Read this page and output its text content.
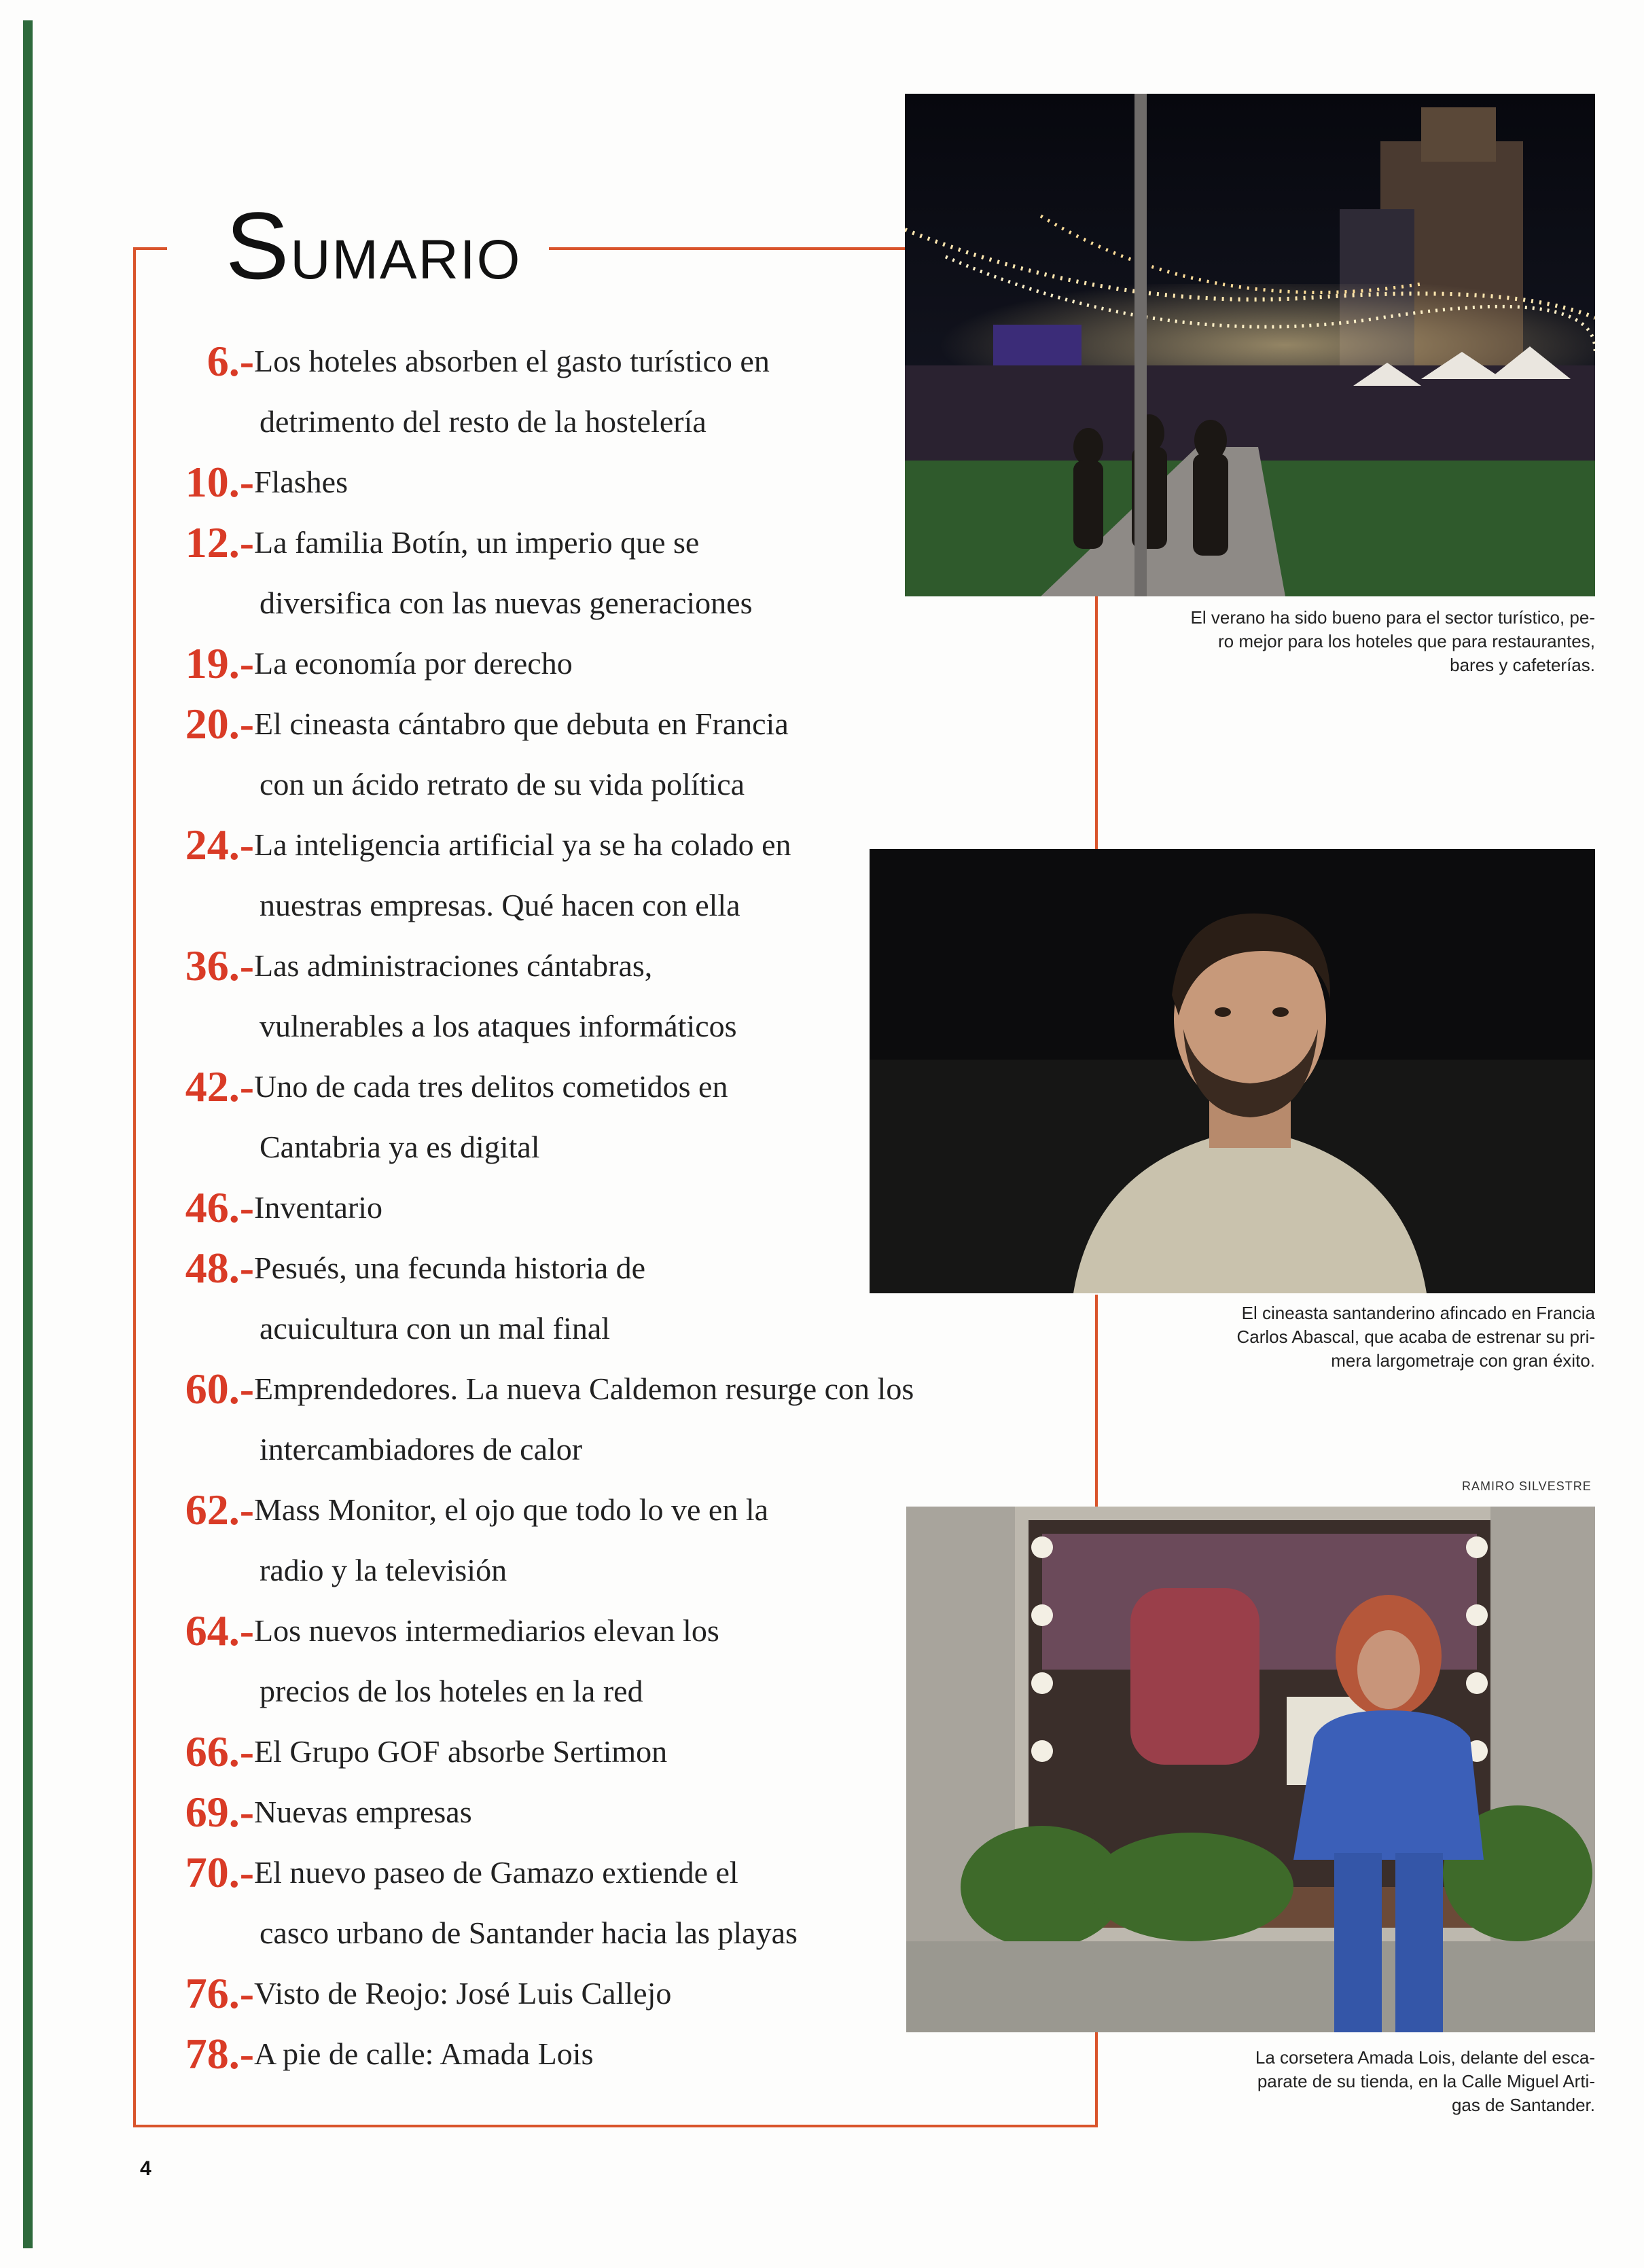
SUMARIO
6.- Los hoteles absorben el gasto turístico en
detrimento del resto de la hostelería
10.- Flashes
12.- La familia Botín, un imperio que se
diversifica con las nuevas generaciones
19.- La economía por derecho
20.- El cineasta cántabro que debuta en Francia
con un ácido retrato de su vida política
24.- La inteligencia artificial ya se ha colado en
nuestras empresas. Qué hacen con ella
36.- Las administraciones cántabras,
vulnerables a los ataques informáticos
42.- Uno de cada tres delitos cometidos en
Cantabria ya es digital
46.- Inventario
48.- Pesués, una fecunda historia de
acuicultura con un mal final
60.- Emprendedores. La nueva Caldemon resurge con los
intercambiadores de calor
62.- Mass Monitor, el ojo que todo lo ve en la
radio y la televisión
64.- Los nuevos intermediarios elevan los
precios de los hoteles en la red
66.- El Grupo GOF absorbe Sertimon
69.- Nuevas empresas
70.- El nuevo paseo de Gamazo extiende el
casco urbano de Santander hacia las playas
76.- Visto de Reojo: José Luis Callejo
78.- A pie de calle: Amada Lois
El verano ha sido bueno para el sector turístico, pe-
ro mejor para los hoteles que para restaurantes,
bares y cafeterías.
El cineasta santanderino afincado en Francia
Carlos Abascal, que acaba de estrenar su pri-
mera largometraje con gran éxito.
RAMIRO SILVESTRE
La corsetera Amada Lois, delante del esca-
parate de su tienda, en la Calle Miguel Arti-
gas de Santander.
4
